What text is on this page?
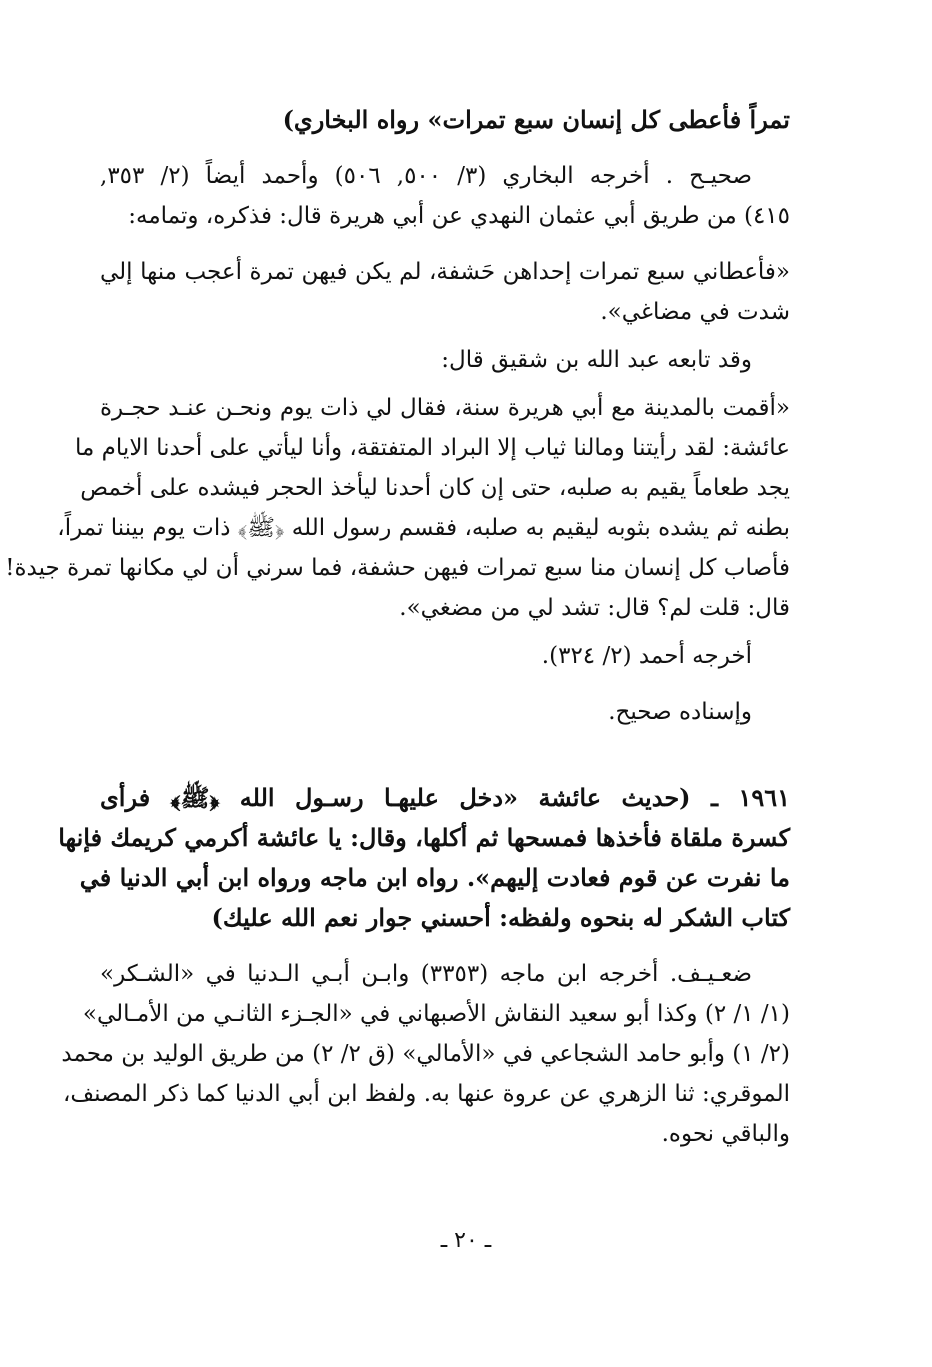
تمراً فأعطى كل إنسان سبع تمرات» رواه البخاري)
صحيـح . أخرجه البخاري (٣/ ٥٠٠, ٥٠٦) وأحمد أيضاً (٢/ ٣٥٣,
٤١٥) من طريق أبي عثمان النهدي عن أبي هريرة قال: فذكره، وتمامه:
«فأعطاني سبع تمرات إحداهن حَشفة، لم يكن فيهن تمرة أعجب منها إلي
شدت في مضاغي».
وقد تابعه عبد الله بن شقيق قال:
«أقمت بالمدينة مع أبي هريرة سنة، فقال لي ذات يوم ونحـن عنـد حجـرة
عائشة: لقد رأيتنا ومالنا ثياب إلا البراد المتفتقة، وأنا ليأتي على أحدنا الايام ما
يجد طعاماً يقيم به صلبه، حتى إن كان أحدنا ليأخذ الحجر فيشده على أخمص
بطنه ثم يشده بثوبه ليقيم به صلبه، فقسم رسول الله ﴿ﷺ﴾ ذات يوم بيننا تمراً،
فأصاب كل إنسان منا سبع تمرات فيهن حشفة، فما سرني أن لي مكانها تمرة جيدة!
قال: قلت لم؟ قال: تشد لي من مضغي».
أخرجه أحمد (٢/ ٣٢٤).
وإسناده صحيح.
١٩٦١ ـ (حديث عائشة «دخل عليهـا رسـول الله ﴿ﷺ﴾ فرأى
كسرة ملقاة فأخذها فمسحها ثم أكلها، وقال: يا عائشة أكرمي كريمك فإنها
ما نفرت عن قوم فعادت إليهم». رواه ابن ماجه ورواه ابن أبي الدنيا في
كتاب الشكر له بنحوه ولفظه: أحسني جوار نعم الله عليك)
ضعـيـف. أخرجه ابن ماجه (٣٣٥٣) وابـن أبـي الـدنيا في «الشـكر»
(١/ ١/ ٢) وكذا أبو سعيد النقاش الأصبهاني في «الجـزء الثانـي من الأمـالي»
(٢/ ١) وأبو حامد الشجاعي في «الأمالي» (ق ٢/ ٢) من طريق الوليد بن محمد
الموقري: ثنا الزهري عن عروة عنها به. ولفظ ابن أبي الدنيا كما ذكر المصنف،
والباقي نحوه.
ـ ٢٠ ـ
